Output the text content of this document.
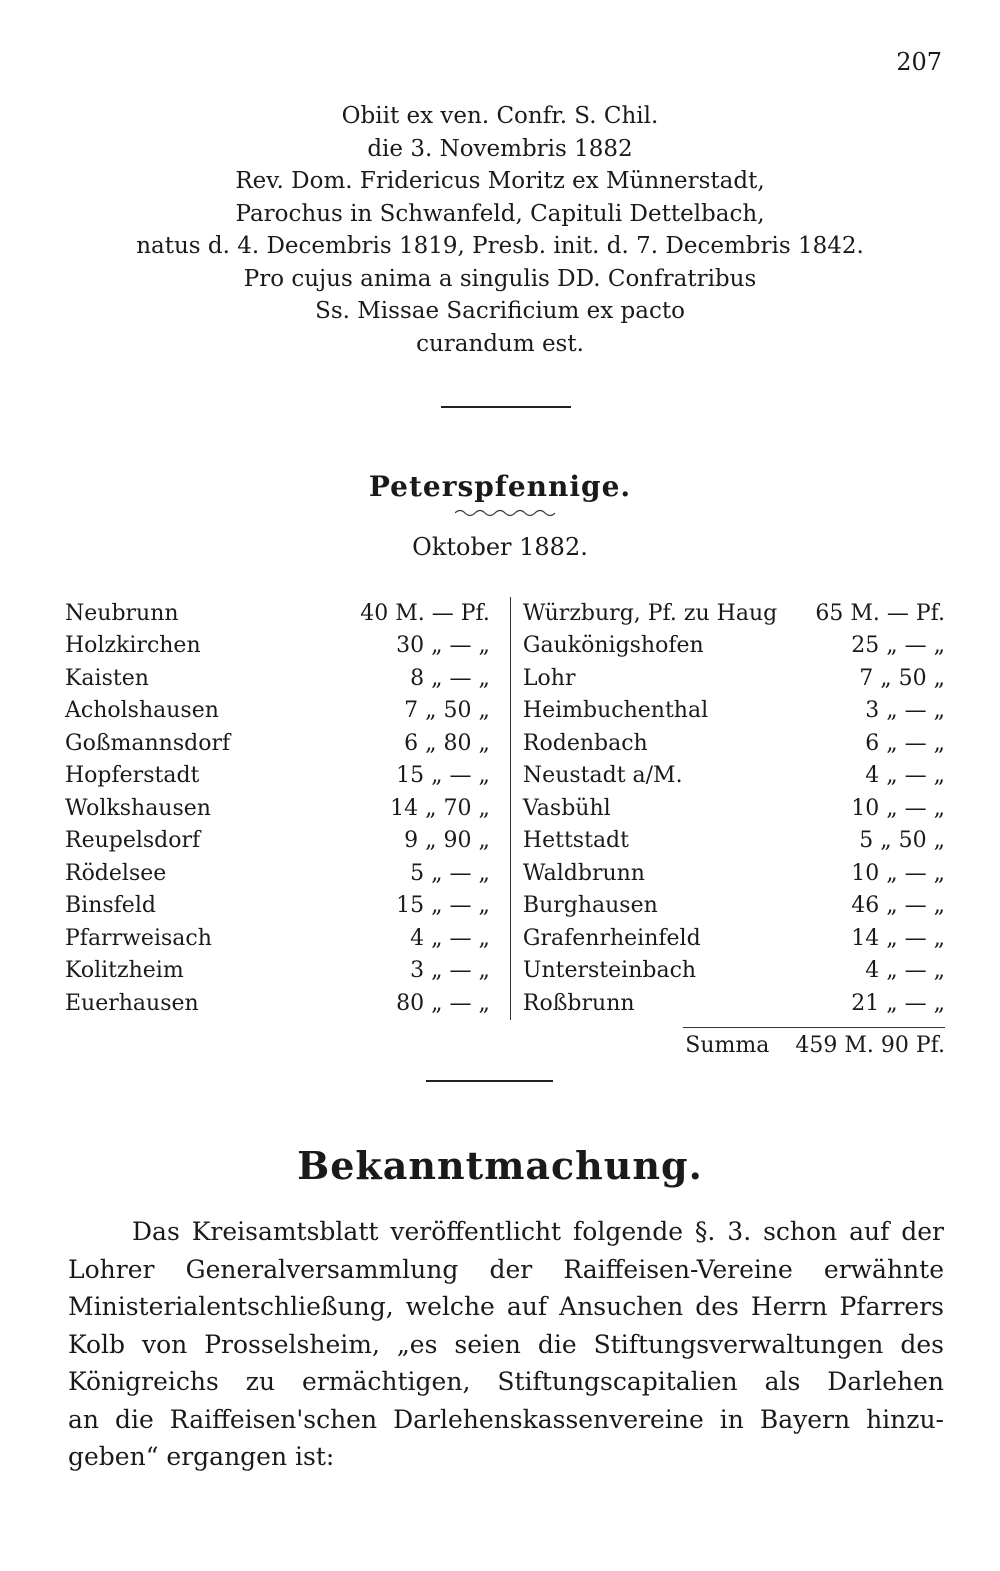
207
Obiit ex ven. Confr. S. Chil.
die 3. Novembris 1882
Rev. Dom. Fridericus Moritz ex Münnerstadt,
Parochus in Schwanfeld, Capituli Dettelbach,
natus d. 4. Decembris 1819, Presb. init. d. 7. Decembris 1842.
Pro cujus anima a singulis DD. Confratribus
Ss. Missae Sacrificium ex pacto
curandum est.
Peterspfennige.
Oktober 1882.
Neubrunn	40 M. — Pf.	Würzburg, Pf. zu Haug	65 M. — Pf.
Holzkirchen	30 „ — „	Gaukönigshofen	25 „ — „
Kaisten	8 „ — „	Lohr	7 „ 50 „
Acholshausen	7 „ 50 „	Heimbuchenthal	3 „ — „
Goßmannsdorf	6 „ 80 „	Rodenbach	6 „ — „
Hopferstadt	15 „ — „	Neustadt a/M.	4 „ — „
Wolkshausen	14 „ 70 „	Vasbühl	10 „ — „
Reupelsdorf	9 „ 90 „	Hettstadt	5 „ 50 „
Rödelsee	5 „ — „	Waldbrunn	10 „ — „
Binsfeld	15 „ — „	Burghausen	46 „ — „
Pfarrweisach	4 „ — „	Grafenrheinfeld	14 „ — „
Kolitzheim	3 „ — „	Untersteinbach	4 „ — „
Euerhausen	80 „ — „	Roßbrunn	21 „ — „
Summa 459 M. 90 Pf.
Bekanntmachung.
Das Kreisamtsblatt veröffentlicht folgende §. 3. schon auf der
Lohrer Generalversammlung der Raiffeisen-Vereine erwähnte
Ministerialentschließung, welche auf Ansuchen des Herrn Pfarrers
Kolb von Prosselsheim, „es seien die Stiftungsverwaltungen des
Königreichs zu ermächtigen, Stiftungscapitalien als Darlehen
an die Raiffeisen'schen Darlehenskassenvereine in Bayern hinzu-
geben“ ergangen ist:
